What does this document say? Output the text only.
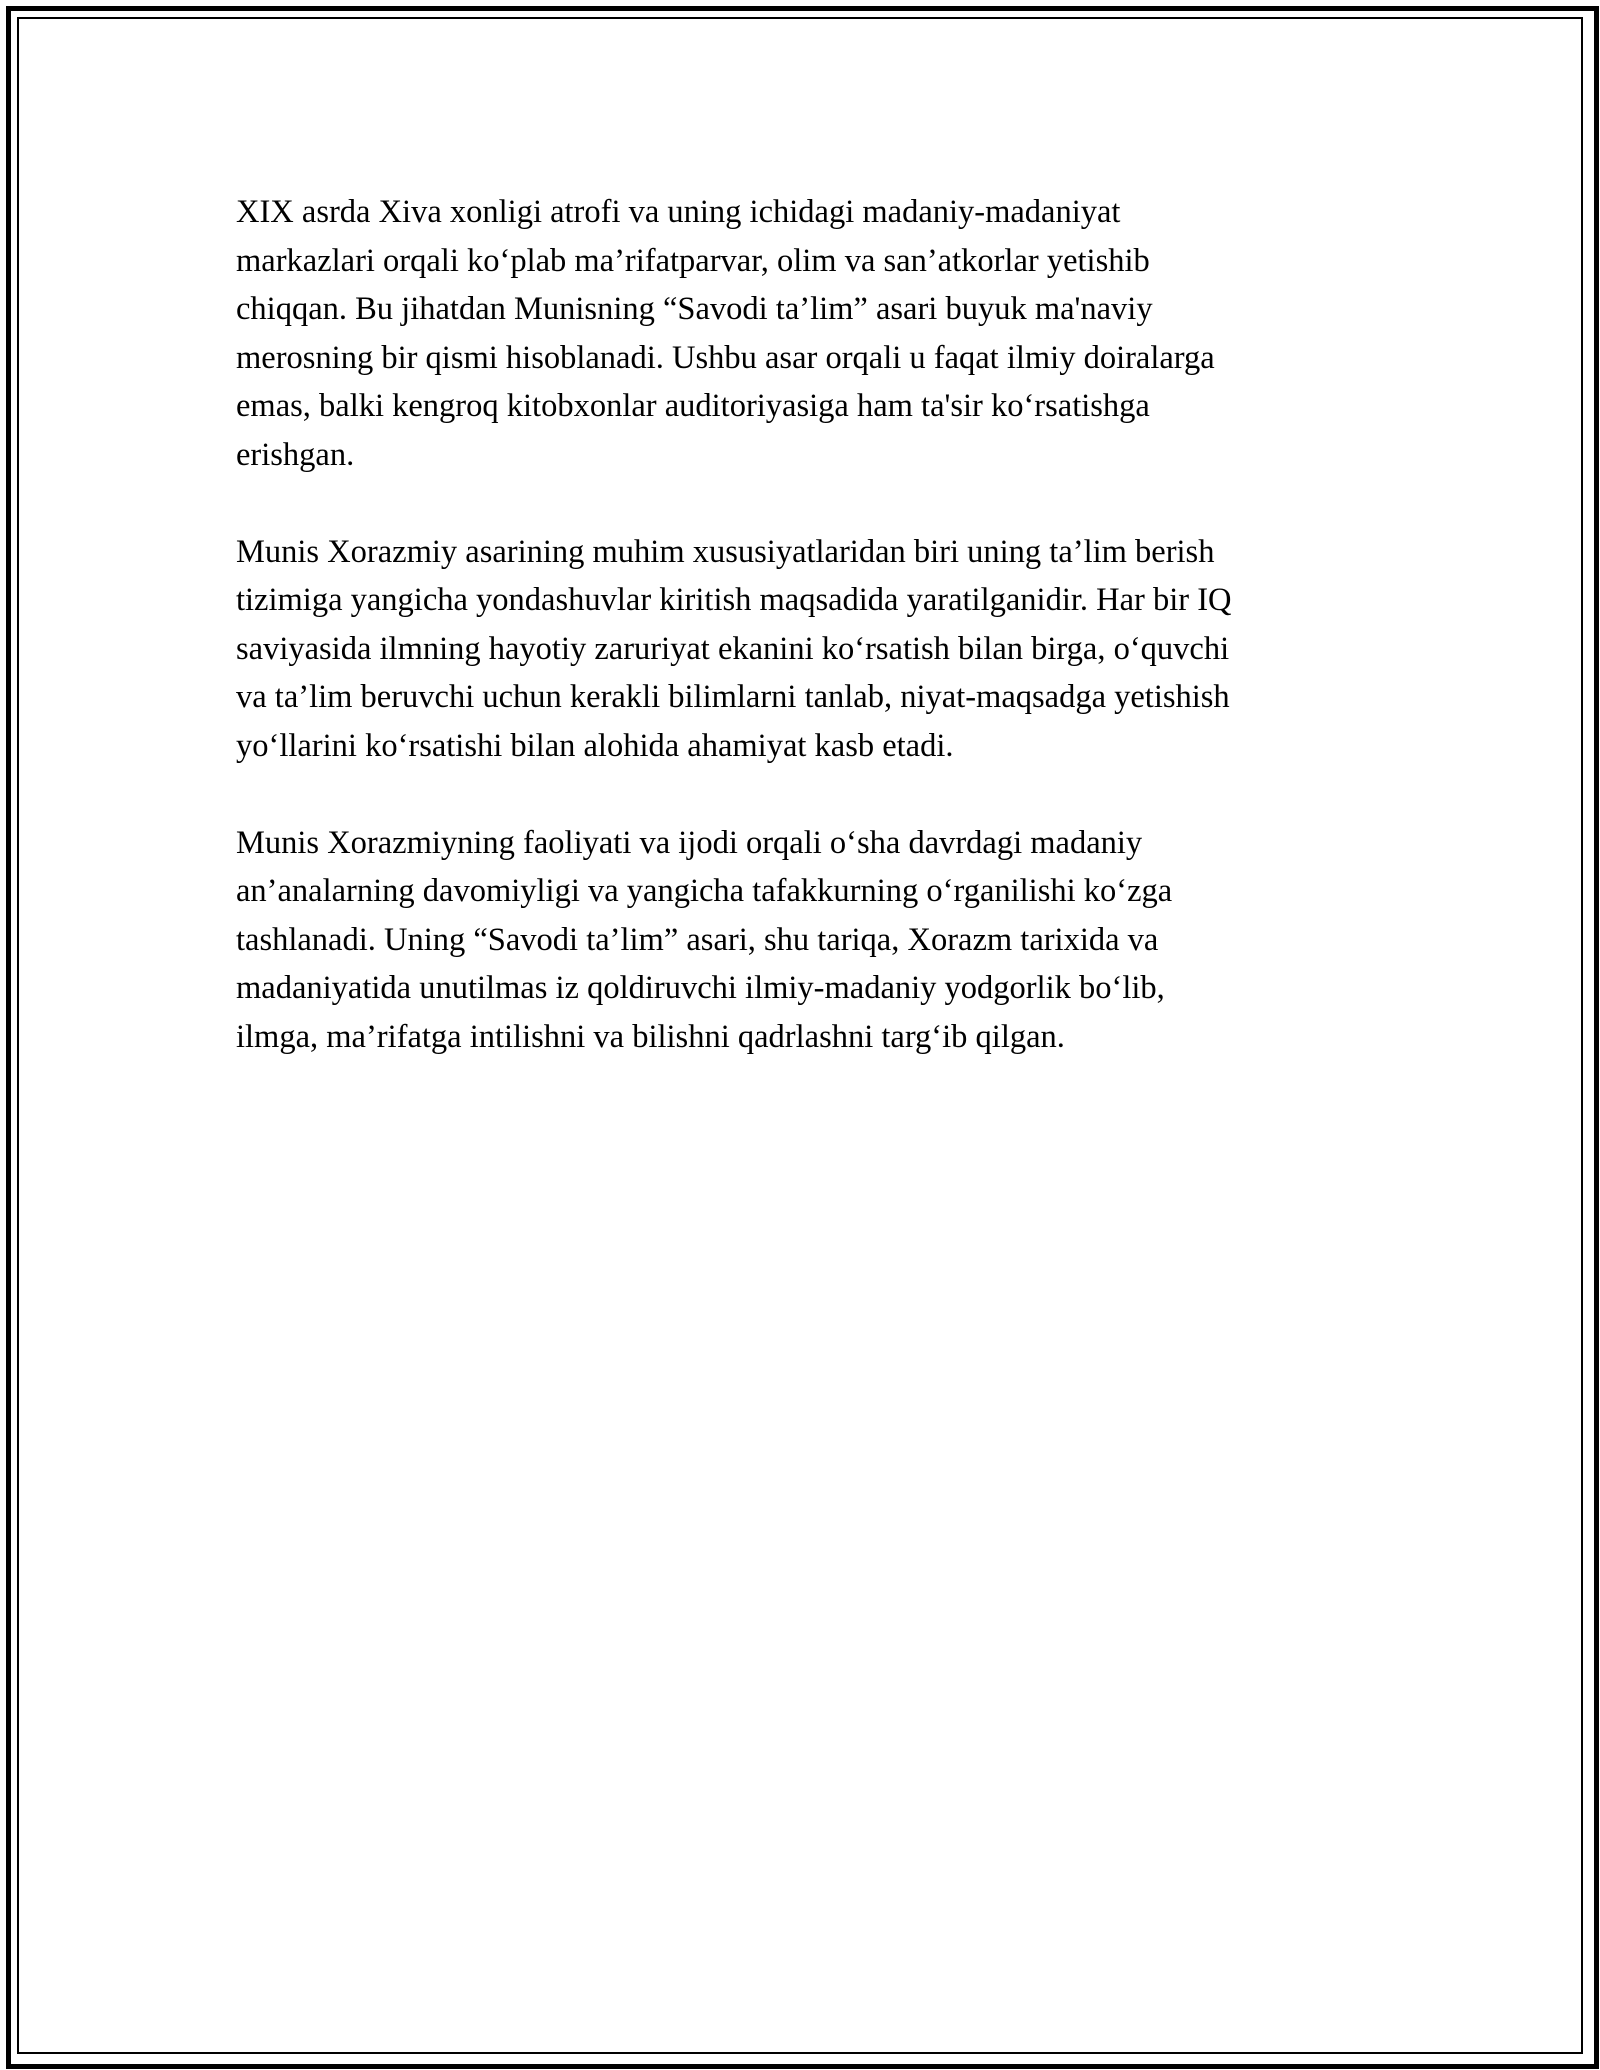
XIX asrda Xiva xonligi atrofi va uning ichidagi madaniy-madaniyat
markazlari orqali ko‘plab ma’rifatparvar, olim va san’atkorlar yetishib
chiqqan. Bu jihatdan Munisning “Savodi ta’lim” asari buyuk ma'naviy
merosning bir qismi hisoblanadi. Ushbu asar orqali u faqat ilmiy doiralarga
emas, balki kengroq kitobxonlar auditoriyasiga ham ta'sir ko‘rsatishga
erishgan.

Munis Xorazmiy asarining muhim xususiyatlaridan biri uning ta’lim berish
tizimiga yangicha yondashuvlar kiritish maqsadida yaratilganidir. Har bir IQ
saviyasida ilmning hayotiy zaruriyat ekanini ko‘rsatish bilan birga, o‘quvchi
va ta’lim beruvchi uchun kerakli bilimlarni tanlab, niyat-maqsadga yetishish
yo‘llarini ko‘rsatishi bilan alohida ahamiyat kasb etadi.

Munis Xorazmiyning faoliyati va ijodi orqali o‘sha davrdagi madaniy
an’analarning davomiyligi va yangicha tafakkurning o‘rganilishi ko‘zga
tashlanadi. Uning “Savodi ta’lim” asari, shu tariqa, Xorazm tarixida va
madaniyatida unutilmas iz qoldiruvchi ilmiy-madaniy yodgorlik bo‘lib,
ilmga, ma’rifatga intilishni va bilishni qadrlashni targ‘ib qilgan.
